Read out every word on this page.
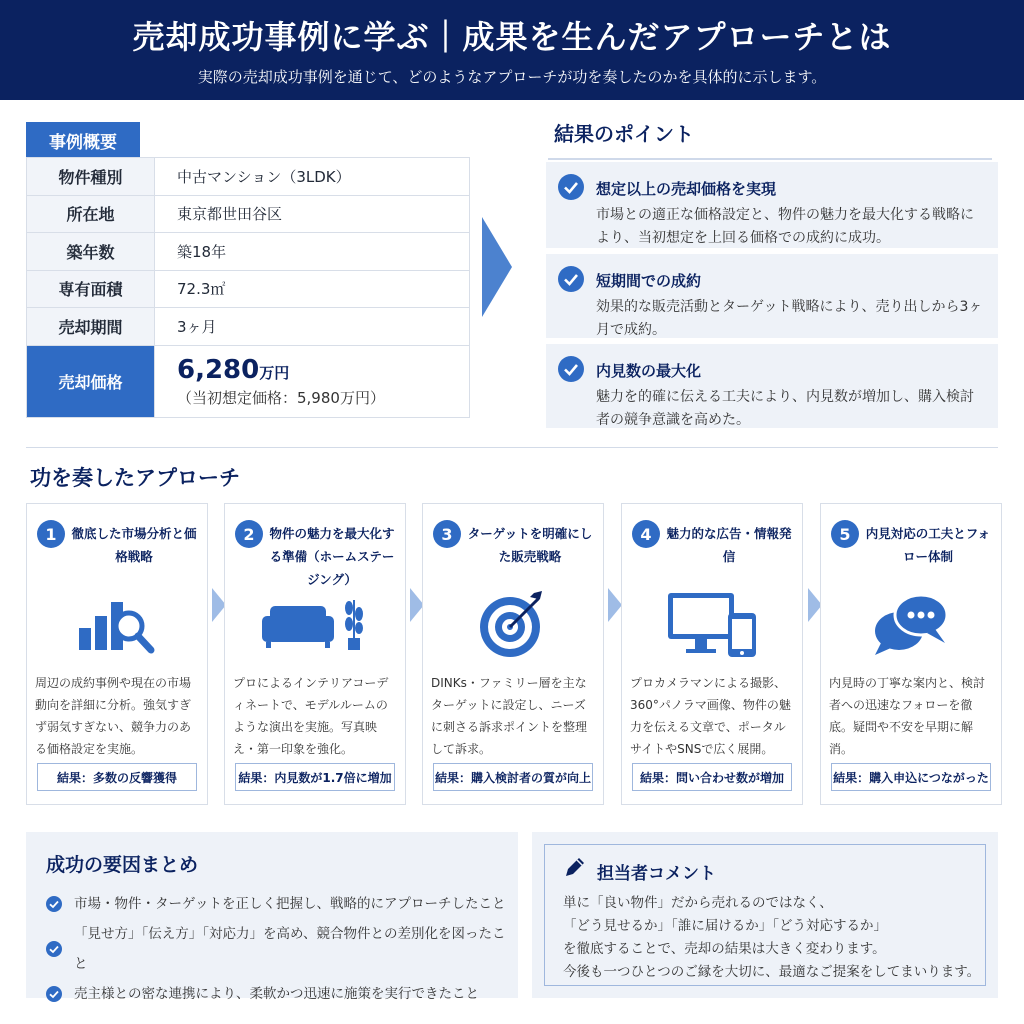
売却成功事例に学ぶ｜成果を生んだアプローチとは
実際の売却成功事例を通じて、どのようなアプローチが功を奏したのかを具体的に示します。
事例概要
物件種別	中古マンション（3LDK）
所在地	東京都世田谷区
築年数	築18年
専有面積	72.3㎡
売却期間	3ヶ月
売却価格	6,280万円
（当初想定価格：5,980万円）
結果のポイント
想定以上の売却価格を実現
市場との適正な価格設定と、物件の魅力を最大化する戦略により、当初想定を上回る価格での成約に成功。
短期間での成約
効果的な販売活動とターゲット戦略により、売り出しから3ヶ月で成約。
内見数の最大化
魅力を的確に伝える工夫により、内見数が増加し、購入検討者の競争意識を高めた。
功を奏したアプローチ
1	徹底した市場分析と価格戦略
周辺の成約事例や現在の市場動向を詳細に分析。強気すぎず弱気すぎない、競争力のある価格設定を実施。
結果：多数の反響獲得
2	物件の魅力を最大化する準備（ホームステージング）
プロによるインテリアコーディネートで、モデルルームのような演出を実施。写真映え・第一印象を強化。
結果：内見数が1.7倍に増加
3	ターゲットを明確にした販売戦略
DINKs・ファミリー層を主なターゲットに設定し、ニーズに刺さる訴求ポイントを整理して訴求。
結果：購入検討者の質が向上
4	魅力的な広告・情報発信
プロカメラマンによる撮影、360°パノラマ画像、物件の魅力を伝える文章で、ポータルサイトやSNSで広く展開。
結果：問い合わせ数が増加
5	内見対応の工夫とフォロー体制
内見時の丁寧な案内と、検討者への迅速なフォローを徹底。疑問や不安を早期に解消。
結果：購入申込につながった
成功の要因まとめ
市場・物件・ターゲットを正しく把握し、戦略的にアプローチしたこと
「見せ方」「伝え方」「対応力」を高め、競合物件との差別化を図ったこと
売主様との密な連携により、柔軟かつ迅速に施策を実行できたこと
担当者コメント
単に「良い物件」だから売れるのではなく、
「どう見せるか」「誰に届けるか」「どう対応するか」
を徹底することで、売却の結果は大きく変わります。
今後も一つひとつのご縁を大切に、最適なご提案をしてまいります。
